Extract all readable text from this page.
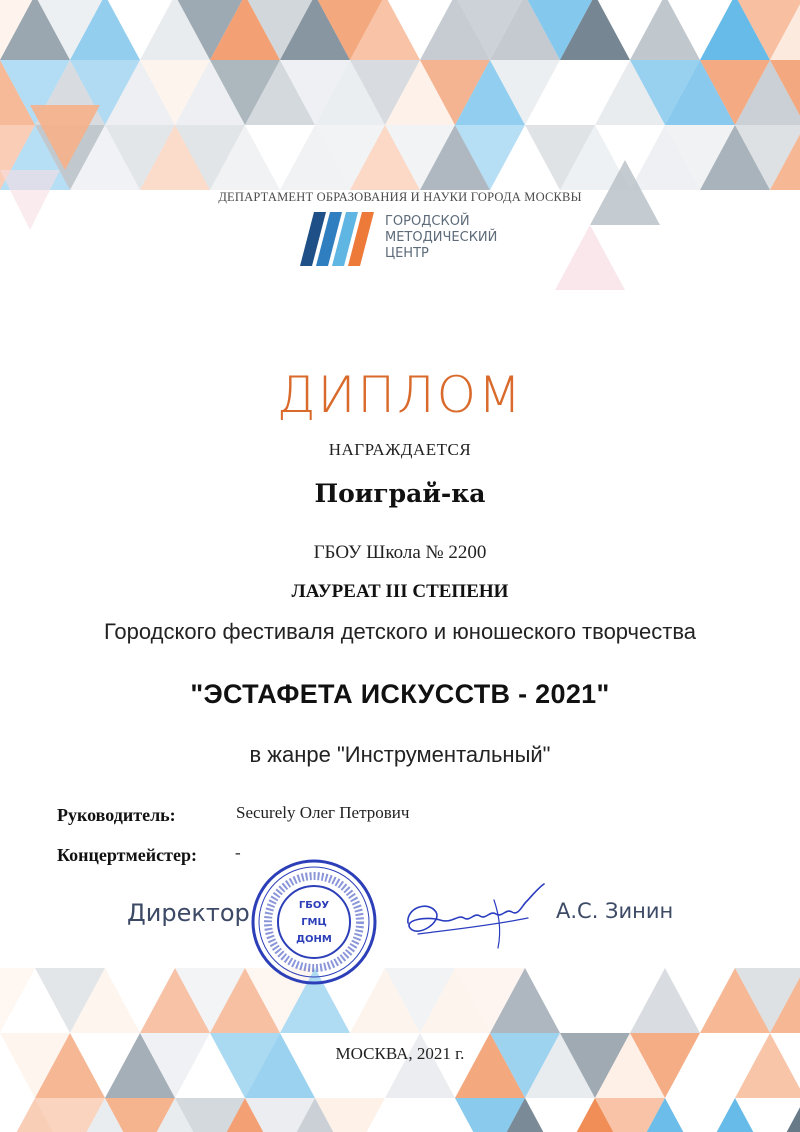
ДЕПАРТАМЕНТ ОБРАЗОВАНИЯ И НАУКИ ГОРОДА МОСКВЫ
ГОРОДСКОЙ
МЕТОДИЧЕСКИЙ
ЦЕНТР
ДИПЛОМ
НАГРАЖДАЕТСЯ
Поиграй-ка
ГБОУ Школа № 2200
ЛАУРЕАТ III СТЕПЕНИ
Городского фестиваля детского и юношеского творчества
"ЭСТАФЕТА ИСКУССТВ - 2021"
в жанре "Инструментальный"
Руководитель:	Securely Олег Петрович
Концертмейстер: -
Директор	ГБОУ
ГМЦ
ДОНМ
А.С. Зинин
МОСКВА, 2021 г.
